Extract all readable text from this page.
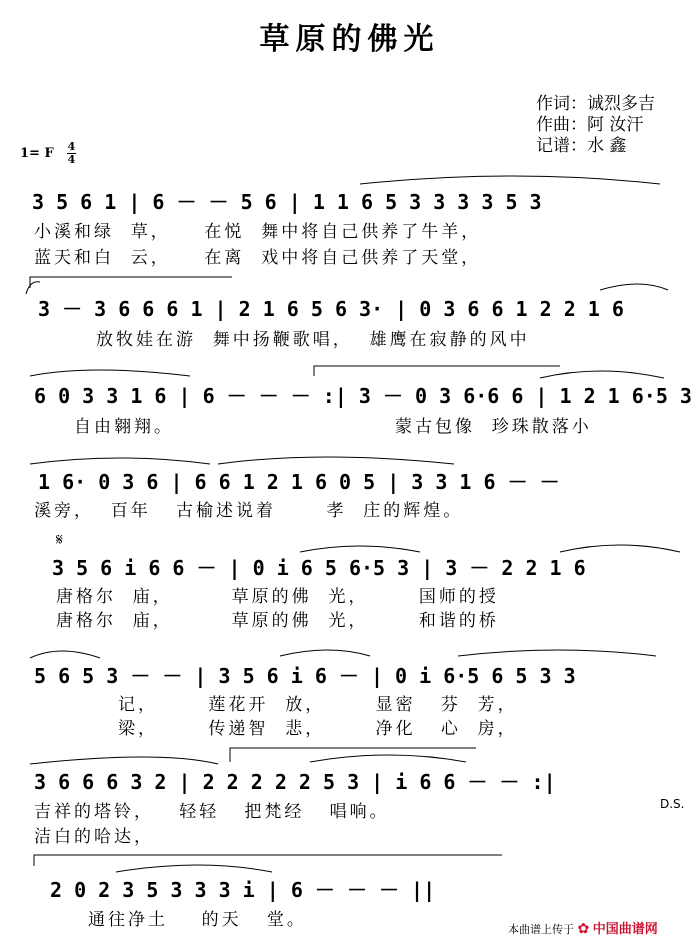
草原的佛光
作词：诚烈多吉
作曲：阿 汝汗
记谱：水 鑫
1= F 4
4
3 5 6 1 | 6 － － 5 6 | 1 1 6 5 3 3 3 3 5 3
小溪和绿  草，    在悦  舞中将自己供养了牛羊，
蓝天和白  云，    在离  戏中将自己供养了天堂，
3 － 3 6 6 6 1 | 2 1 6 5 6 3· | 0 3 6 6 1 2 2 1 6
放牧娃在游  舞中扬鞭歌唱，  雄鹰在寂静的风中
6 0 3 3 1 6 | 6 － － － :| 3 － 0 3 6·6 6 | 1 2 1 6·5 3
自由翱翔。	蒙古包像  珍珠散落小
1 6· 0 3 6 | 6 6 1 2 1 6 0 5 | 3 3 1 6 － －
溪旁，  百年   古榆述说着      孝  庄的辉煌。
𝄋
3 5 6 i 6 6 － | 0 i 6 5 6·5 3 | 3 － 2 2 1 6
唐格尔  庙，       草原的佛  光，      国师的授
唐格尔  庙，       草原的佛  光，      和谐的桥
5 6 5 3 － － | 3 5 6 i 6 － | 0 i 6·5 6 5 3 3
记，      莲花开  放，      显密   芬  芳，
梁，      传递智  悲，      净化   心  房，
3 6 6 6 3 2 | 2 2 2 2 2 5 3 | i 6 6 － － :|
吉祥的塔铃，   轻轻   把梵经   唱响。
洁白的哈达，
D.S.
2 0 2 3 5 3 3 3 i | 6 － － － ||
通往净土    的天   堂。	本曲谱上传于 ✿ 中国曲谱网
